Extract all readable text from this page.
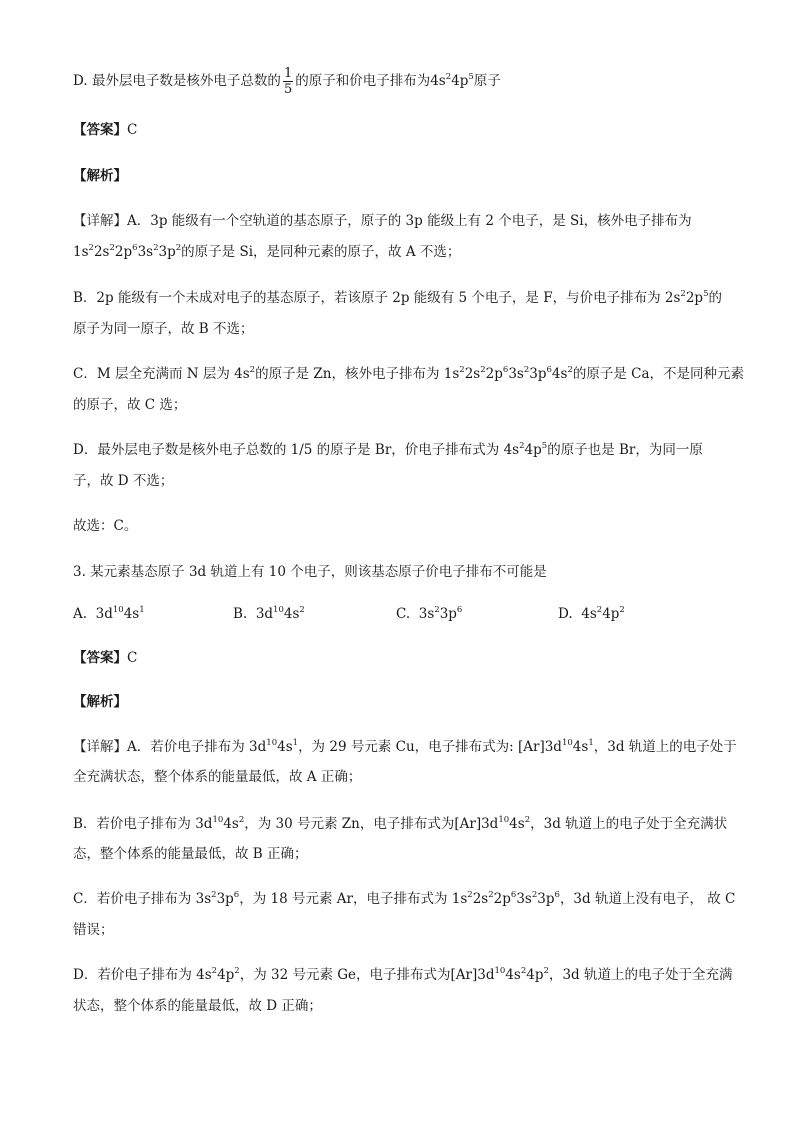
D. 最外层电子数是核外电子总数的 $\frac{1}{5}$ 的原子和价电子排布为$4s^24p^5$原子
【答案】C
【解析】
【详解】A．3p 能级有一个空轨道的基态原子，原子的 3p 能级上有 2 个电子，是 Si，核外电子排布为
$1s^22s^22p^63s^23p^2$的原子是 Si，是同种元素的原子，故 A 不选；
B．2p 能级有一个未成对电子的基态原子，若该原子 2p 能级有 5 个电子，是 F，与价电子排布为 $2s^22p^5$的
原子为同一原子，故 B 不选；
C．M 层全充满而 N 层为 $4s^2$的原子是 Zn，核外电子排布为 $1s^22s^22p^63s^23p^64s^2$的原子是 Ca，不是同种元素
的原子，故 C 选；
D．最外层电子数是核外电子总数的 1/5 的原子是 Br，价电子排布式为 $4s^24p^5$的原子也是 Br，为同一原
子，故 D 不选；
故选：C。
3. 某元素基态原子 3d 轨道上有 10 个电子，则该基态原子价电子排布不可能是
A. $3d^{10}4s^1$	B. $3d^{10}4s^2$	C. $3s^23p^6$	D. $4s^24p^2$
【答案】C
【解析】
【详解】A．若价电子排布为 $3d^{10}4s^1$，为 29 号元素 Cu，电子排布式为: $[Ar]3d^{10}4s^1$，3d 轨道上的电子处于
全充满状态，整个体系的能量最低，故 A 正确；
B．若价电子排布为 $3d^{10}4s^2$，为 30 号元素 Zn，电子排布式为$[Ar]3d^{10}4s^2$，3d 轨道上的电子处于全充满状
态，整个体系的能量最低，故 B 正确；
C．若价电子排布为 $3s^23p^6$，为 18 号元素 Ar，电子排布式为 $1s^22s^22p^63s^23p^6$，3d 轨道上没有电子， 故 C
错误；
D．若价电子排布为 $4s^24p^2$，为 32 号元素 Ge，电子排布式为$[Ar]3d^{10}4s^24p^2$，3d 轨道上的电子处于全充满
状态，整个体系的能量最低，故 D 正确；
